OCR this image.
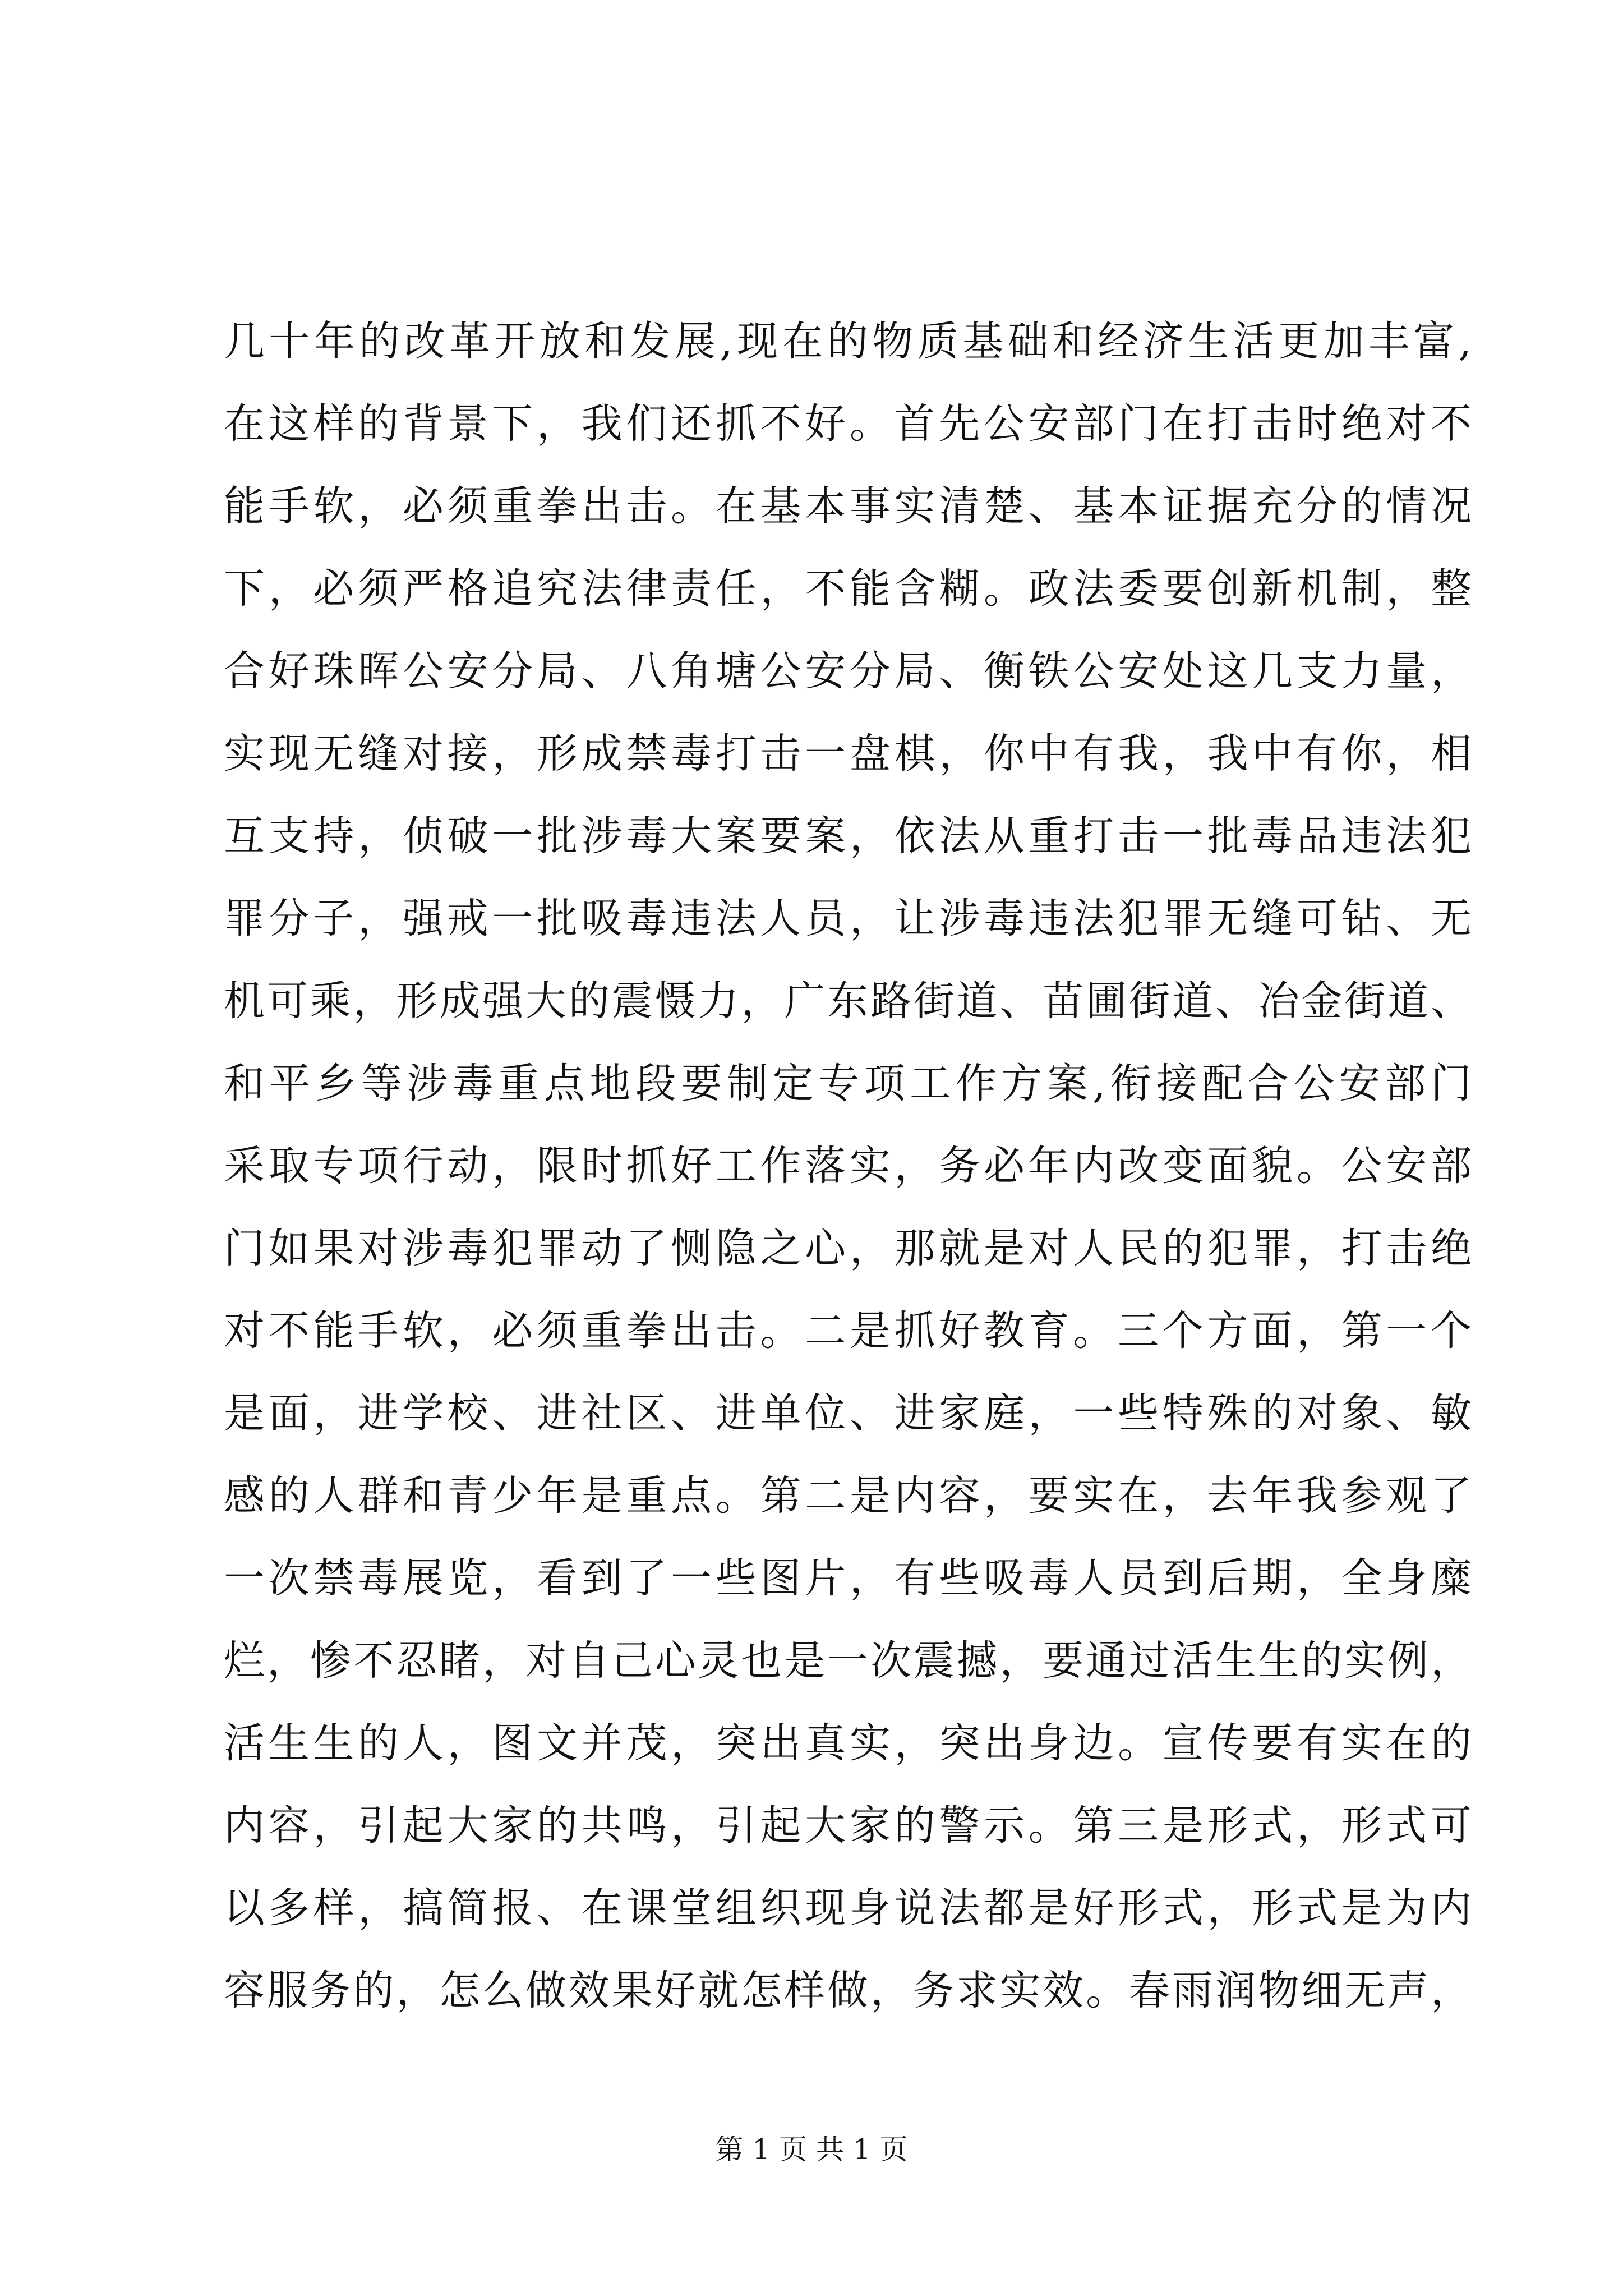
几十年的改革开放和发展,现在的物质基础和经济生活更加丰富,
在这样的背景下，我们还抓不好。首先公安部门在打击时绝对不
能手软，必须重拳出击。在基本事实清楚、基本证据充分的情况
下，必须严格追究法律责任，不能含糊。政法委要创新机制，整
合好珠晖公安分局、八角塘公安分局、衡铁公安处这几支力量，
实现无缝对接，形成禁毒打击一盘棋，你中有我，我中有你，相
互支持，侦破一批涉毒大案要案，依法从重打击一批毒品违法犯
罪分子，强戒一批吸毒违法人员，让涉毒违法犯罪无缝可钻、无
机可乘，形成强大的震慑力，广东路街道、苗圃街道、冶金街道、
和平乡等涉毒重点地段要制定专项工作方案,衔接配合公安部门
采取专项行动，限时抓好工作落实，务必年内改变面貌。公安部
门如果对涉毒犯罪动了恻隐之心，那就是对人民的犯罪，打击绝
对不能手软，必须重拳出击。二是抓好教育。三个方面，第一个
是面，进学校、进社区、进单位、进家庭，一些特殊的对象、敏
感的人群和青少年是重点。第二是内容，要实在，去年我参观了
一次禁毒展览，看到了一些图片，有些吸毒人员到后期，全身糜
烂，惨不忍睹，对自己心灵也是一次震撼，要通过活生生的实例，
活生生的人，图文并茂，突出真实，突出身边。宣传要有实在的
内容，引起大家的共鸣，引起大家的警示。第三是形式，形式可
以多样，搞简报、在课堂组织现身说法都是好形式，形式是为内
容服务的，怎么做效果好就怎样做，务求实效。春雨润物细无声，
第 1 页 共 1 页
